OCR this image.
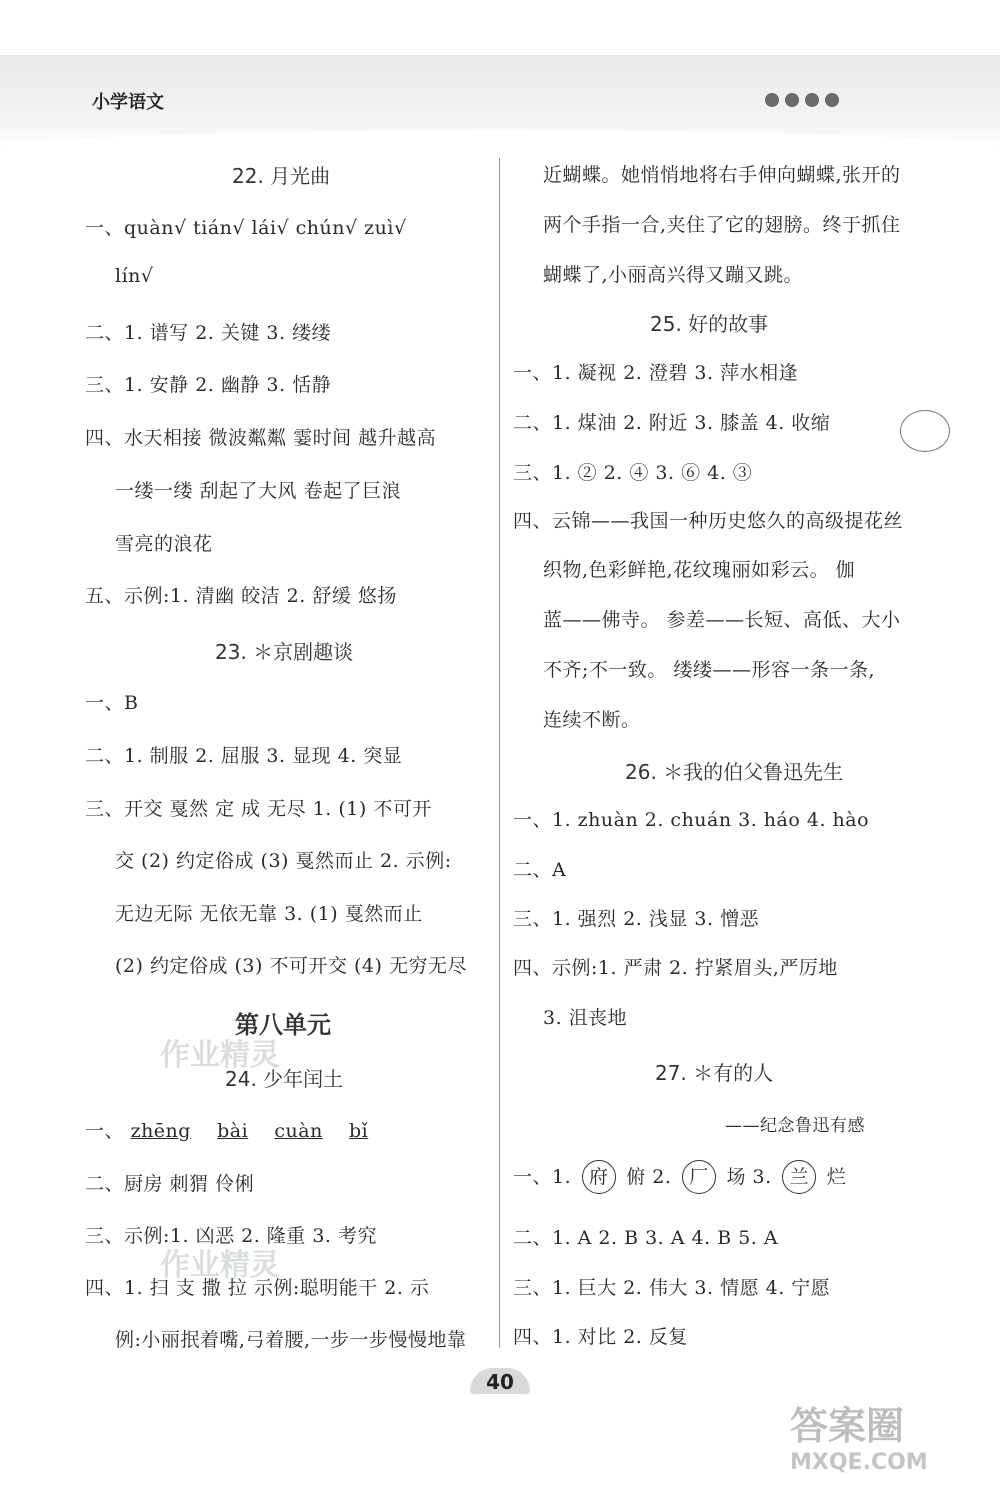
小学语文
22. 月光曲
一、quàn√ tián√ lái√ chún√ zuì√
lín√
二、1. 谱写 2. 关键 3. 缕缕
三、1. 安静 2. 幽静 3. 恬静
四、水天相接 微波粼粼 霎时间 越升越高
一缕一缕 刮起了大风 卷起了巨浪
雪亮的浪花
五、示例:1. 清幽 皎洁 2. 舒缓 悠扬
23. ＊京剧趣谈
一、B
二、1. 制服 2. 屈服 3. 显现 4. 突显
三、开交 戛然 定 成 无尽 1. (1) 不可开
交 (2) 约定俗成 (3) 戛然而止 2. 示例:
无边无际 无依无靠 3. (1) 戛然而止
(2) 约定俗成 (3) 不可开交 (4) 无穷无尽
第八单元
24. 少年闰土
一、 zhēng bài cuàn bǐ
二、厨房 刺猬 伶俐
三、示例:1. 凶恶 2. 隆重 3. 考究
四、1. 扫 支 撒 拉 示例:聪明能干 2. 示
例:小丽抿着嘴,弓着腰,一步一步慢慢地靠
近蝴蝶。她悄悄地将右手伸向蝴蝶,张开的
两个手指一合,夹住了它的翅膀。终于抓住
蝴蝶了,小丽高兴得又蹦又跳。
25. 好的故事
一、1. 凝视 2. 澄碧 3. 萍水相逢
二、1. 煤油 2. 附近 3. 膝盖 4. 收缩
三、1. ② 2. ④ 3. ⑥ 4. ③
四、云锦——我国一种历史悠久的高级提花丝
织物,色彩鲜艳,花纹瑰丽如彩云。 伽
蓝——佛寺。 参差——长短、高低、大小
不齐;不一致。 缕缕——形容一条一条,
连续不断。
26. ＊我的伯父鲁迅先生
一、1. zhuàn 2. chuán 3. háo 4. hào
二、A
三、1. 强烈 2. 浅显 3. 憎恶
四、示例:1. 严肃 2. 拧紧眉头,严厉地
3. 沮丧地
27. ＊有的人
——纪念鲁迅有感
一、1. 府 俯 2. 厂 场 3. 兰 烂
二、1. A 2. B 3. A 4. B 5. A
三、1. 巨大 2. 伟大 3. 情愿 4. 宁愿
四、1. 对比 2. 反复
作业精灵
作业精灵
40
答案圈
MXQE.COM
